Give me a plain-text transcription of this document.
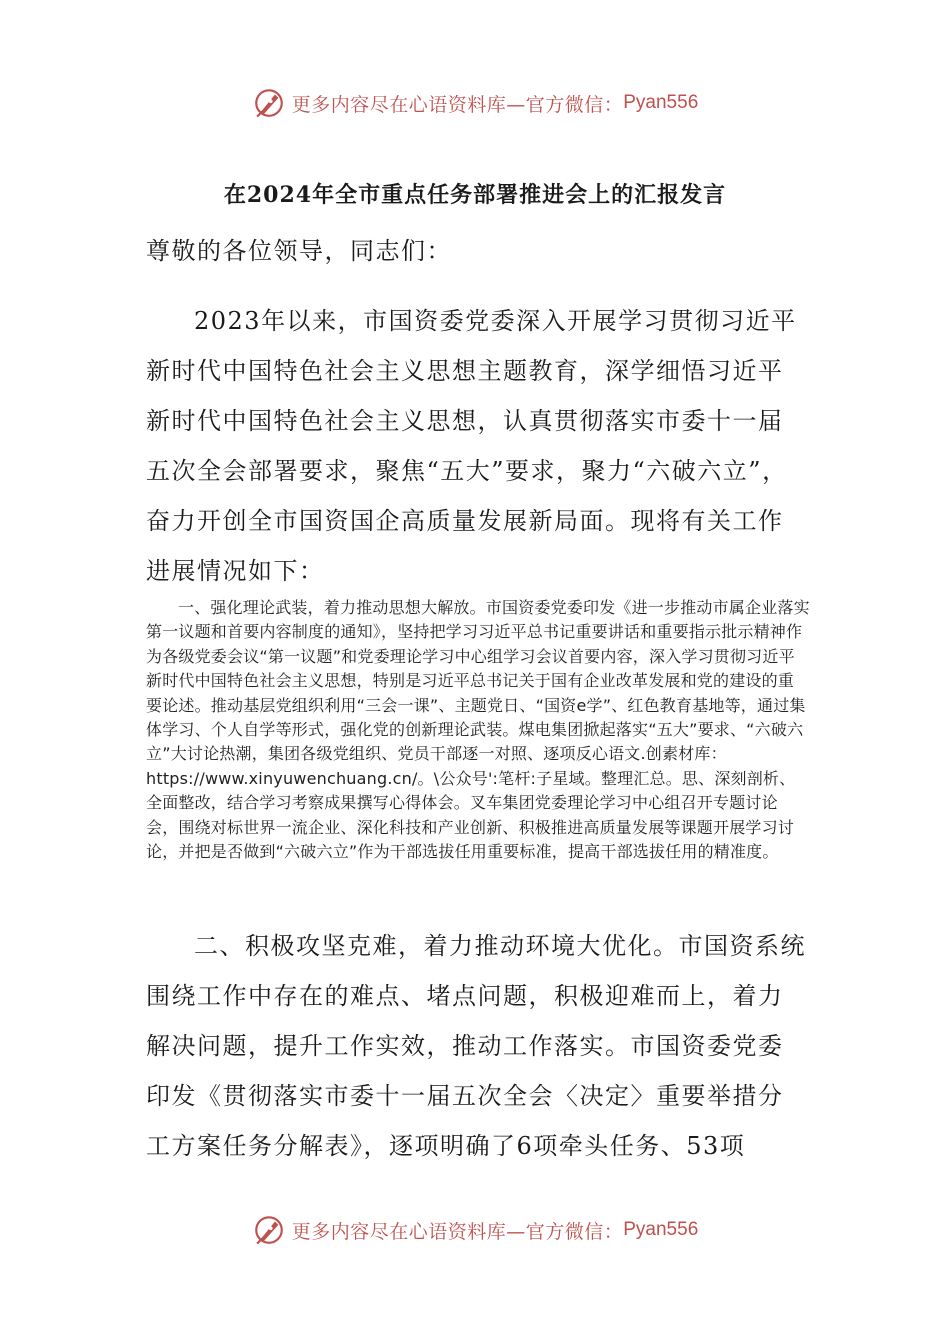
更多内容尽在心语资料库—官方微信： Pyan556
在2024年全市重点任务部署推进会上的汇报发言

尊敬的各位领导，同志们：

2023年以来，市国资委党委深入开展学习贯彻习近平新时代中国特色社会主义思想主题教育，深学细悟习近平新时代中国特色社会主义思想，认真贯彻落实市委十一届五次全会部署要求，聚焦“五大”要求，聚力“六破六立”，奋力开创全市国资国企高质量发展新局面。现将有关工作进展情况如下：

一、强化理论武装，着力推动思想大解放。市国资委党委印发《进一步推动市属企业落实第一议题和首要内容制度的通知》，坚持把学习习近平总书记重要讲话和重要指示批示精神作为各级党委会议“第一议题”和党委理论学习中心组学习会议首要内容，深入学习贯彻习近平新时代中国特色社会主义思想，特别是习近平总书记关于国有企业改革发展和党的建设的重要论述。推动基层党组织利用“三会一课”、主题党日、“国资e学”、红色教育基地等，通过集体学习、个人自学等形式，强化党的创新理论武装。煤电集团掀起落实“五大”要求、“六破六立”大讨论热潮，集团各级党组织、党员干部逐一对照、逐项反心语文.创素材库：https://www.xinyuwenchuang.cn/。\公众号':笔杆:子星域。整理汇总。思、深刻剖析、全面整改，结合学习考察成果撰写心得体会。叉车集团党委理论学习中心组召开专题讨论会，围绕对标世界一流企业、深化科技和产业创新、积极推进高质量发展等课题开展学习讨论，并把是否做到“六破六立”作为干部选拔任用重要标准，提高干部选拔任用的精准度。

二、积极攻坚克难，着力推动环境大优化。市国资系统围绕工作中存在的难点、堵点问题，积极迎难而上，着力解决问题，提升工作实效，推动工作落实。市国资委党委印发《贯彻落实市委十一届五次全会〈决定〉重要举措分工方案任务分解表》，逐项明确了6项牵头任务、53项

更多内容尽在心语资料库—官方微信： Pyan556
